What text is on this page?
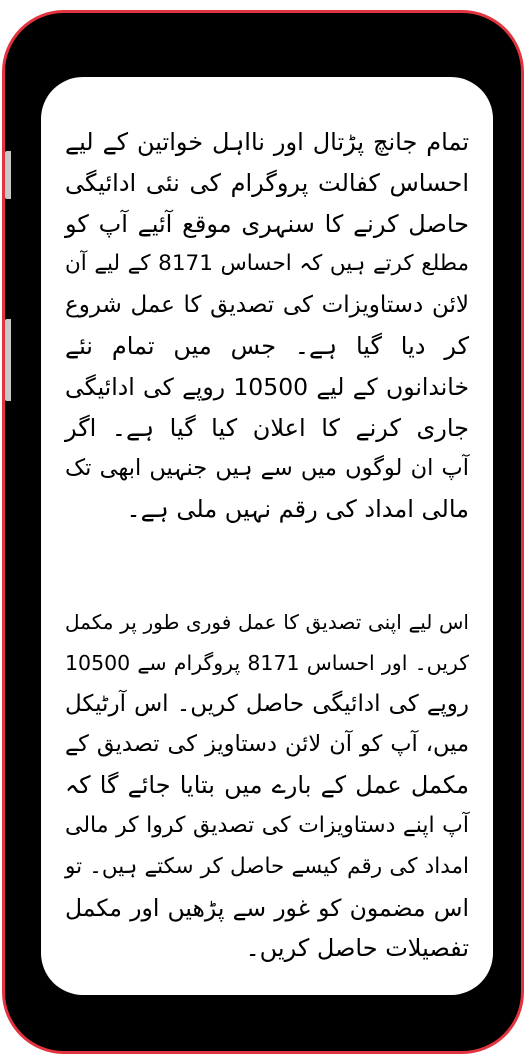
تمام جانچ پڑتال اور نااہل خواتین کے لیے
احساس کفالت پروگرام کی نئی ادائیگی
حاصل کرنے کا سنہری موقع آئیے آپ کو
مطلع کرتے ہیں کہ احساس 8171 کے لیے آن
لائن دستاویزات کی تصدیق کا عمل شروع
کر دیا گیا ہے۔ جس میں تمام نئے
خاندانوں کے لیے 10500 روپے کی ادائیگی
جاری کرنے کا اعلان کیا گیا ہے۔ اگر
آپ ان لوگوں میں سے ہیں جنہیں ابھی تک
مالی امداد کی رقم نہیں ملی ہے۔
اس لیے اپنی تصدیق کا عمل فوری طور پر مکمل
کریں۔ اور احساس 8171 پروگرام سے 10500
روپے کی ادائیگی حاصل کریں۔ اس آرٹیکل
میں، آپ کو آن لائن دستاویز کی تصدیق کے
مکمل عمل کے بارے میں بتایا جائے گا کہ
آپ اپنے دستاویزات کی تصدیق کروا کر مالی
امداد کی رقم کیسے حاصل کر سکتے ہیں۔ تو
اس مضمون کو غور سے پڑھیں اور مکمل
تفصیلات حاصل کریں۔
